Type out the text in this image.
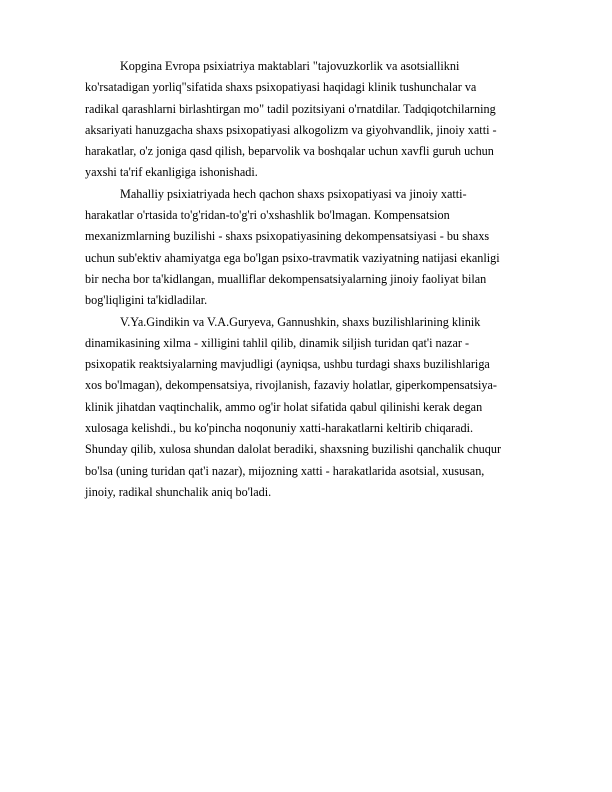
Kopgina Evropa psixiatriya maktablari "tajovuzkorlik va asotsiallikni
ko'rsatadigan yorliq"sifatida shaxs psixopatiyasi haqidagi klinik tushunchalar va
radikal qarashlarni birlashtirgan mo" tadil pozitsiyani o'rnatdilar. Tadqiqotchilarning
aksariyati hanuzgacha shaxs psixopatiyasi alkogolizm va giyohvandlik, jinoiy xatti -
harakatlar, o'z joniga qasd qilish, beparvolik va boshqalar uchun xavfli guruh uchun
yaxshi ta'rif ekanligiga ishonishadi.
Mahalliy psixiatriyada hech qachon shaxs psixopatiyasi va jinoiy xatti-
harakatlar o'rtasida to'g'ridan-to'g'ri o'xshashlik bo'lmagan. Kompensatsion
mexanizmlarning buzilishi - shaxs psixopatiyasining dekompensatsiyasi - bu shaxs
uchun sub'ektiv ahamiyatga ega bo'lgan psixo-travmatik vaziyatning natijasi ekanligi
bir necha bor ta'kidlangan, mualliflar dekompensatsiyalarning jinoiy faoliyat bilan
bog'liqligini ta'kidladilar.
V.Ya.Gindikin va V.A.Guryeva, Gannushkin, shaxs buzilishlarining klinik
dinamikasining xilma - xilligini tahlil qilib, dinamik siljish turidan qat'i nazar -
psixopatik reaktsiyalarning mavjudligi (ayniqsa, ushbu turdagi shaxs buzilishlariga
xos bo'lmagan), dekompensatsiya, rivojlanish, fazaviy holatlar, giperkompensatsiya-
klinik jihatdan vaqtinchalik, ammo og'ir holat sifatida qabul qilinishi kerak degan
xulosaga kelishdi., bu ko'pincha noqonuniy xatti-harakatlarni keltirib chiqaradi.
Shunday qilib, xulosa shundan dalolat beradiki, shaxsning buzilishi qanchalik chuqur
bo'lsa (uning turidan qat'i nazar), mijozning xatti - harakatlarida asotsial, xususan,
jinoiy, radikal shunchalik aniq bo'ladi.
